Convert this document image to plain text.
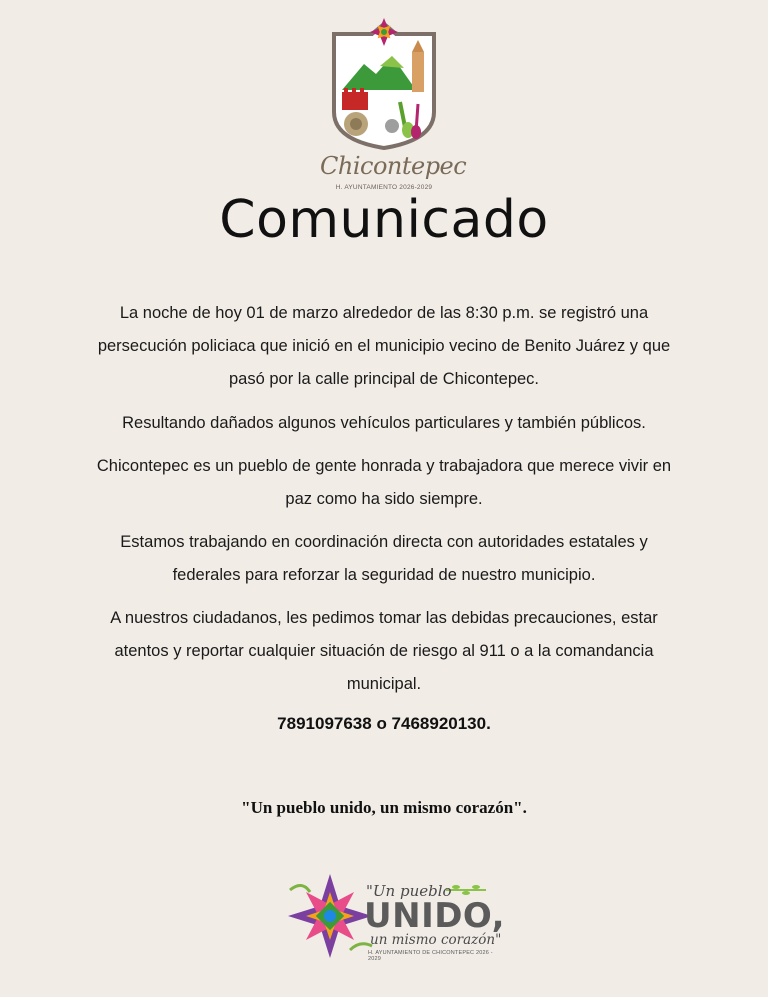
Chicontepec
H. AYUNTAMIENTO 2026-2029
Comunicado
La noche de hoy 01 de marzo alrededor de las 8:30 p.m. se registró una persecución policiaca que inició en el municipio vecino de Benito Juárez y que pasó por la calle principal de Chicontepec.
Resultando dañados algunos vehículos particulares y también públicos.
Chicontepec es un pueblo de gente honrada y trabajadora que merece vivir en paz como ha sido siempre.
Estamos trabajando en coordinación directa con autoridades estatales y federales para reforzar la seguridad de nuestro municipio.
A nuestros ciudadanos, les pedimos tomar las debidas precauciones, estar atentos y reportar cualquier situación de riesgo al 911 o a la comandancia municipal.
7891097638 o 7468920130.
"Un pueblo unido, un mismo corazón".
"Un pueblo
UNIDO,
un mismo corazón"
H. AYUNTAMIENTO DE CHICONTEPEC 2026 - 2029
